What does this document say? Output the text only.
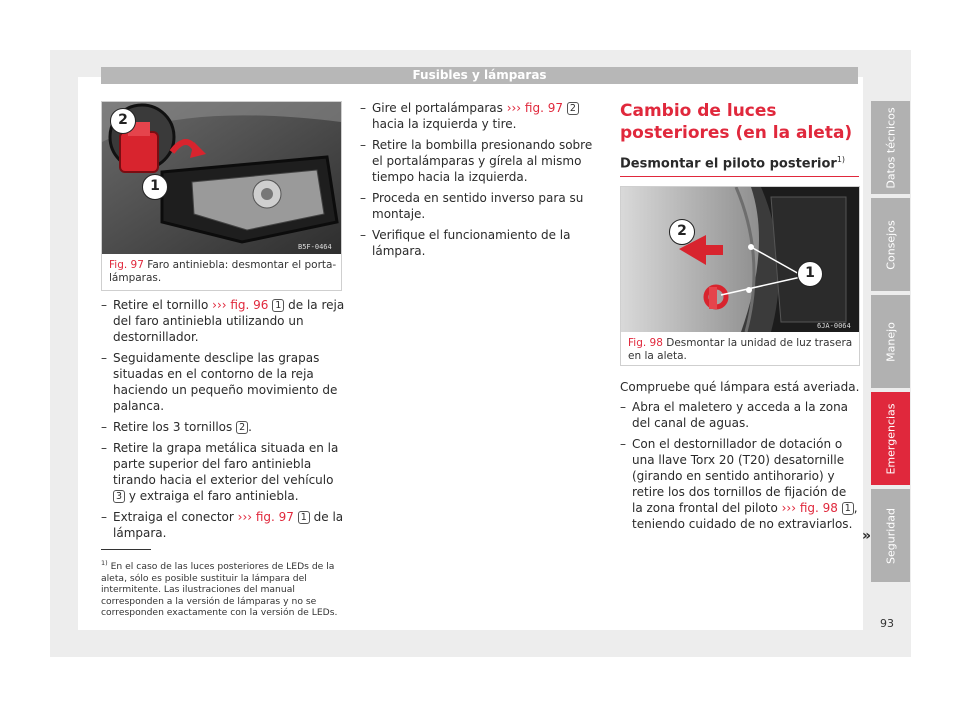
Fusibles y lámparas
2
1
B5F-0464
Fig. 97 Faro antiniebla: desmontar el porta-lámparas.
– Retire el tornillo ››› fig. 96 1 de la reja del faro antiniebla utilizando un destornillador.
– Seguidamente desclipe las grapas situadas en el contorno de la reja haciendo un pequeño movimiento de palanca.
– Retire los 3 tornillos 2 .
– Retire la grapa metálica situada en la parte superior del faro antiniebla tirando hacia el exterior del vehículo 3 y extraiga el faro antiniebla.
– Extraiga el conector ››› fig. 97 1 de la lámpara.
– Gire el portalámparas ››› fig. 97 2 hacia la izquierda y tire.
– Retire la bombilla presionando sobre el portalámparas y gírela al mismo tiempo hacia la izquierda.
– Proceda en sentido inverso para su montaje.
– Verifique el funcionamiento de la lámpara.
Cambio de luces posteriores (en la aleta)
Desmontar el piloto posterior$^{1)}$
2
1
6JA-0064
Fig. 98 Desmontar la unidad de luz trasera en la aleta.
Compruebe qué lámpara está averiada.
– Abra el maletero y acceda a la zona del canal de aguas.
– Con el destornillador de dotación o una llave Torx 20 (T20) desatornille (girando en sentido antihorario) y retire los dos tornillos de fijación de la zona frontal del piloto ››› fig. 98 1 , teniendo cuidado de no extraviarlos.
»
$^{1)}$ En el caso de las luces posteriores de LEDs de la aleta, sólo es posible sustituir la lámpara del intermitente. Las ilustraciones del manual corresponden a la versión de lámparas y no se corresponden exactamente con la versión de LEDs.
Datos técnicos
Consejos
Manejo
Emergencias
Seguridad
93
